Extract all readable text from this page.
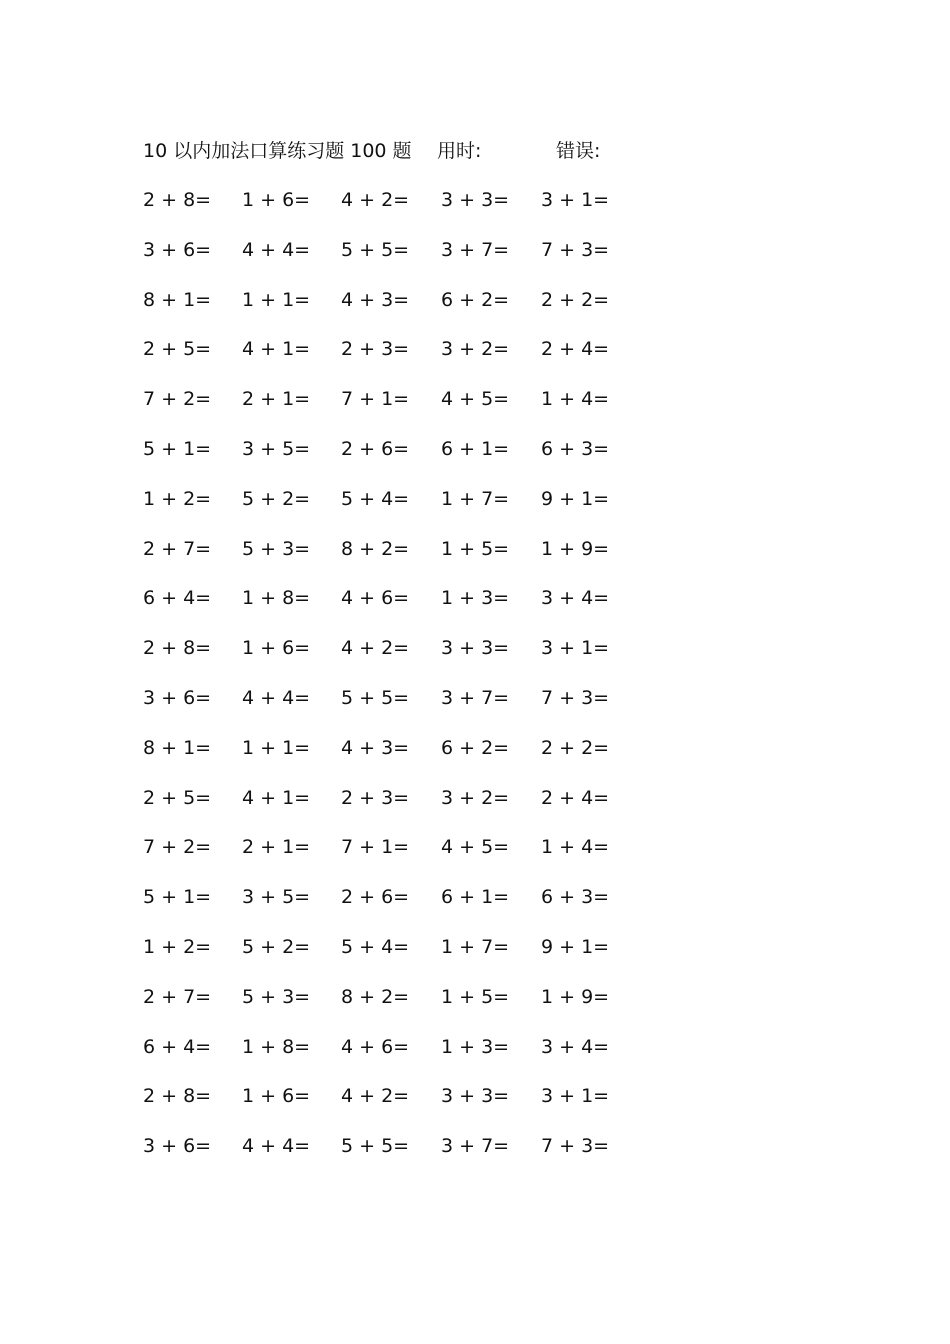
10 以内加法口算练习题 100 题 用时:	错误:
2 + 8= 1 + 6= 4 + 2= 3 + 3= 3 + 1=
3 + 6= 4 + 4= 5 + 5= 3 + 7= 7 + 3=
8 + 1= 1 + 1= 4 + 3= 6 + 2= 2 + 2=
2 + 5= 4 + 1= 2 + 3= 3 + 2= 2 + 4=
7 + 2= 2 + 1= 7 + 1= 4 + 5= 1 + 4=
5 + 1= 3 + 5= 2 + 6= 6 + 1= 6 + 3=
1 + 2= 5 + 2= 5 + 4= 1 + 7= 9 + 1=
2 + 7= 5 + 3= 8 + 2= 1 + 5= 1 + 9=
6 + 4= 1 + 8= 4 + 6= 1 + 3= 3 + 4=
2 + 8= 1 + 6= 4 + 2= 3 + 3= 3 + 1=
3 + 6= 4 + 4= 5 + 5= 3 + 7= 7 + 3=
8 + 1= 1 + 1= 4 + 3= 6 + 2= 2 + 2=
2 + 5= 4 + 1= 2 + 3= 3 + 2= 2 + 4=
7 + 2= 2 + 1= 7 + 1= 4 + 5= 1 + 4=
5 + 1= 3 + 5= 2 + 6= 6 + 1= 6 + 3=
1 + 2= 5 + 2= 5 + 4= 1 + 7= 9 + 1=
2 + 7= 5 + 3= 8 + 2= 1 + 5= 1 + 9=
6 + 4= 1 + 8= 4 + 6= 1 + 3= 3 + 4=
2 + 8= 1 + 6= 4 + 2= 3 + 3= 3 + 1=
3 + 6= 4 + 4= 5 + 5= 3 + 7= 7 + 3=
